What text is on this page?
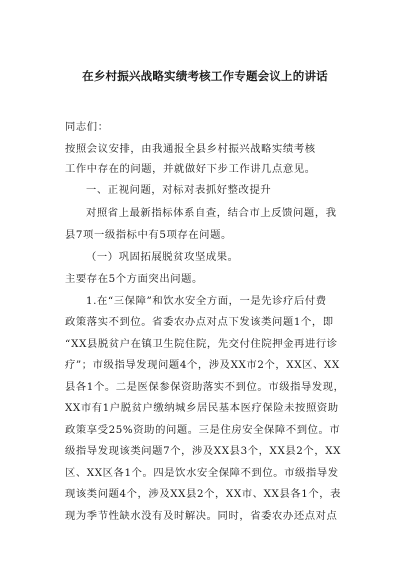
在乡村振兴战略实绩考核工作专题会议上的讲话
同志们：
按照会议安排，由我通报全县乡村振兴战略实绩考核
工作中存在的问题，并就做好下步工作讲几点意见。
一、正视问题，对标对表抓好整改提升
对照省上最新指标体系自查，结合市上反馈问题，我
县7项一级指标中有5项存在问题。
（一）巩固拓展脱贫攻坚成果。
主要存在5个方面突出问题。
1.在“三保障”和饮水安全方面，一是先诊疗后付费
政策落实不到位。省委农办点对点下发该类问题1个，即
“XX县脱贫户在镇卫生院住院，先交付住院押金再进行诊
疗”；市级指导发现问题4个，涉及XX市2个，XX区、XX
县各1个。二是医保参保资助落实不到位。市级指导发现，
XX市有1户脱贫户缴纳城乡居民基本医疗保险未按照资助
政策享受25%资助的问题。三是住房安全保障不到位。市
级指导发现该类问题7个，涉及XX县3个，XX县2个，XX
区、XX区各1个。四是饮水安全保障不到位。市级指导发
现该类问题4个，涉及XX县2个，XX市、XX县各1个，表
现为季节性缺水没有及时解决。同时，省委农办还点对点
